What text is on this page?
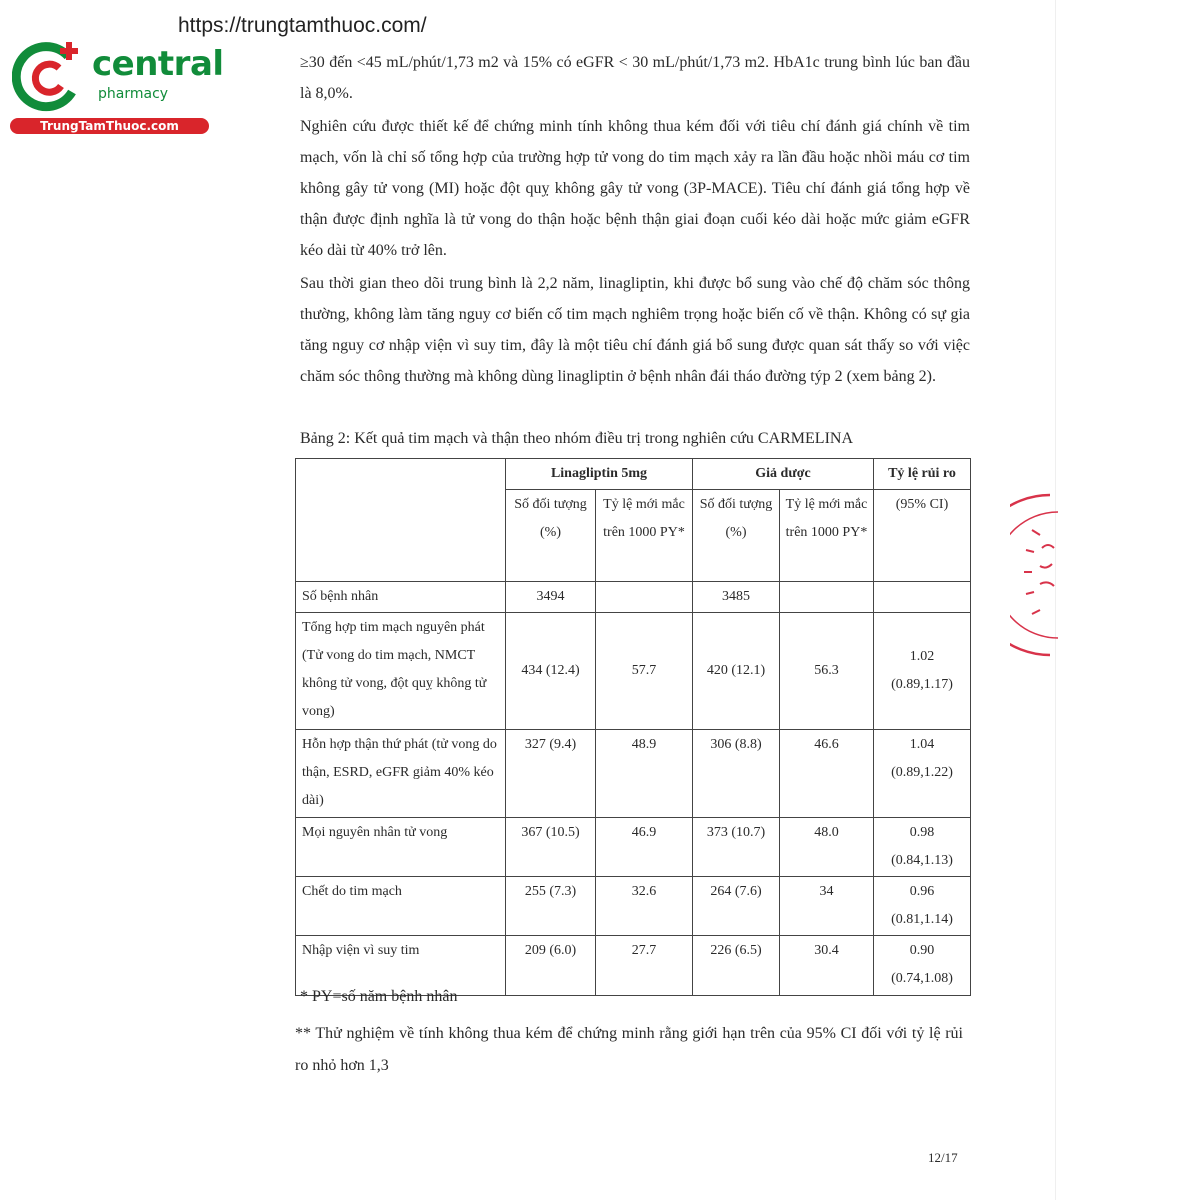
https://trungtamthuoc.com/
central
pharmacy
TrungTamThuoc.com
≥30 đến <45 mL/phút/1,73 m2 và 15% có eGFR < 30 mL/phút/1,73 m2. HbA1c trung bình lúc ban đầu là 8,0%.
Nghiên cứu được thiết kế để chứng minh tính không thua kém đối với tiêu chí đánh giá chính về tim mạch, vốn là chỉ số tổng hợp của trường hợp tử vong do tim mạch xảy ra lần đầu hoặc nhồi máu cơ tim không gây tử vong (MI) hoặc đột quỵ không gây tử vong (3P-MACE). Tiêu chí đánh giá tổng hợp về thận được định nghĩa là tử vong do thận hoặc bệnh thận giai đoạn cuối kéo dài hoặc mức giảm eGFR kéo dài từ 40% trở lên.
Sau thời gian theo dõi trung bình là 2,2 năm, linagliptin, khi được bổ sung vào chế độ chăm sóc thông thường, không làm tăng nguy cơ biến cố tim mạch nghiêm trọng hoặc biến cố về thận. Không có sự gia tăng nguy cơ nhập viện vì suy tim, đây là một tiêu chí đánh giá bổ sung được quan sát thấy so với việc chăm sóc thông thường mà không dùng linagliptin ở bệnh nhân đái tháo đường týp 2 (xem bảng 2).
Bảng 2: Kết quả tim mạch và thận theo nhóm điều trị trong nghiên cứu CARMELINA
	Linagliptin 5mg		Giả dược		Tỷ lệ rủi ro
	Số đối tượng (%)	Tỷ lệ mới mắc trên 1000 PY*	Số đối tượng (%)	Tỷ lệ mới mắc trên 1000 PY*	(95% CI)
Số bệnh nhân	3494		3485		
Tổng hợp tim mạch nguyên phát (Tử vong do tim mạch, NMCT không tử vong, đột quỵ không tử vong)	434 (12.4)	57.7	420 (12.1)	56.3	1.02
(0.89,1.17)

Hỗn hợp thận thứ phát (tử vong do thận, ESRD, eGFR giảm 40% kéo dài)	327 (9.4)	48.9	306 (8.8)	46.6	1.04
(0.89,1.22)

Mọi nguyên nhân tử vong	367 (10.5)	46.9	373 (10.7)	48.0	0.98
(0.84,1.13)

Chết do tim mạch	255 (7.3)	32.6	264 (7.6)	34	0.96
(0.81,1.14)

Nhập viện vì suy tim	209 (6.0)	27.7	226 (6.5)	30.4	0.90
(0.74,1.08)
* PY=số năm bệnh nhân
** Thử nghiệm về tính không thua kém để chứng minh rằng giới hạn trên của 95% CI đối với tỷ lệ rủi ro nhỏ hơn 1,3
12/17
